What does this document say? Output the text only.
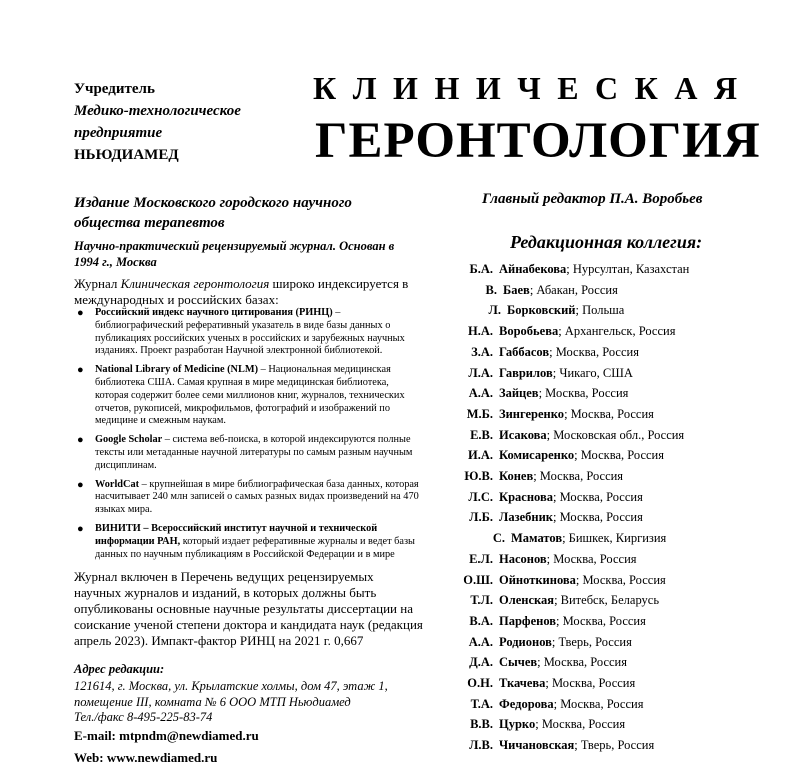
Учредитель
Медико-технологическое
предприятие
НЬЮДИАМЕД
КЛИНИЧЕСКАЯ
ГЕРОНТОЛОГИЯ
Издание Московского городского научного общества терапевтов
Научно-практический рецензируемый журнал. Основан в 1994 г., Москва
Журнал Клиническая геронтология широко индексируется в международных и российских базах:
● Российский индекс научного цитирования (РИНЦ) – библиографический реферативный указатель в виде базы данных о публикациях российских ученых в российских и зарубежных научных изданиях. Проект разработан Научной электронной библиотекой.
● National Library of Medicine (NLM) – Национальная медицинская библиотека США. Самая крупная в мире медицинская библиотека, которая содержит более семи миллионов книг, журналов, технических отчетов, рукописей, микрофильмов, фотографий и изображений по медицине и смежным наукам.
● Google Scholar – система веб-поиска, в которой индексируются полные тексты или метаданные научной литературы по самым разным научным дисциплинам.
● WorldCat – крупнейшая в мире библиографическая база данных, которая насчитывает 240 млн записей о самых разных видах произведений на 470 языках мира.
● ВИНИТИ – Всероссийский институт научной и технической информации РАН, который издает реферативные журналы и ведет базы данных по научным публикациям в Российской Федерации и в мире
Журнал включен в Перечень ведущих рецензируемых научных журналов и изданий, в которых должны быть опубликованы основные научные результаты диссертации на соискание ученой степени доктора и кандидата наук (редакция апрель 2023). Импакт-фактор РИНЦ на 2021 г. 0,667
Адрес редакции:
121614, г. Москва, ул. Крылатские холмы, дом 47, этаж 1,
помещение III, комната № 6 ООО МТП Ньюдиамед
Тел./факс 8-495-225-83-74
E-mail: mtpndm@newdiamed.ru
Web: www.newdiamed.ru
Главный редактор П.А. Воробьев
Редакционная коллегия:
Б.А. Айнабекова; Нурсултан, Казахстан
В. Баев; Абакан, Россия
Л. Борковский; Польша
Н.А. Воробьева; Архангельск, Россия
З.А. Габбасов; Москва, Россия
Л.А. Гаврилов; Чикаго, США
А.А. Зайцев; Москва, Россия
М.Б. Зингеренко; Москва, Россия
Е.В. Исакова; Московская обл., Россия
И.А. Комисаренко; Москва, Россия
Ю.В. Конев; Москва, Россия
Л.С. Краснова; Москва, Россия
Л.Б. Лазебник; Москва, Россия
С. Маматов; Бишкек, Киргизия
Е.Л. Насонов; Москва, Россия
О.Ш. Ойноткинова; Москва, Россия
Т.Л. Оленская; Витебск, Беларусь
В.А. Парфенов; Москва, Россия
А.А. Родионов; Тверь, Россия
Д.А. Сычев; Москва, Россия
О.Н. Ткачева; Москва, Россия
Т.А. Федорова; Москва, Россия
В.В. Цурко; Москва, Россия
Л.В. Чичановская; Тверь, Россия
